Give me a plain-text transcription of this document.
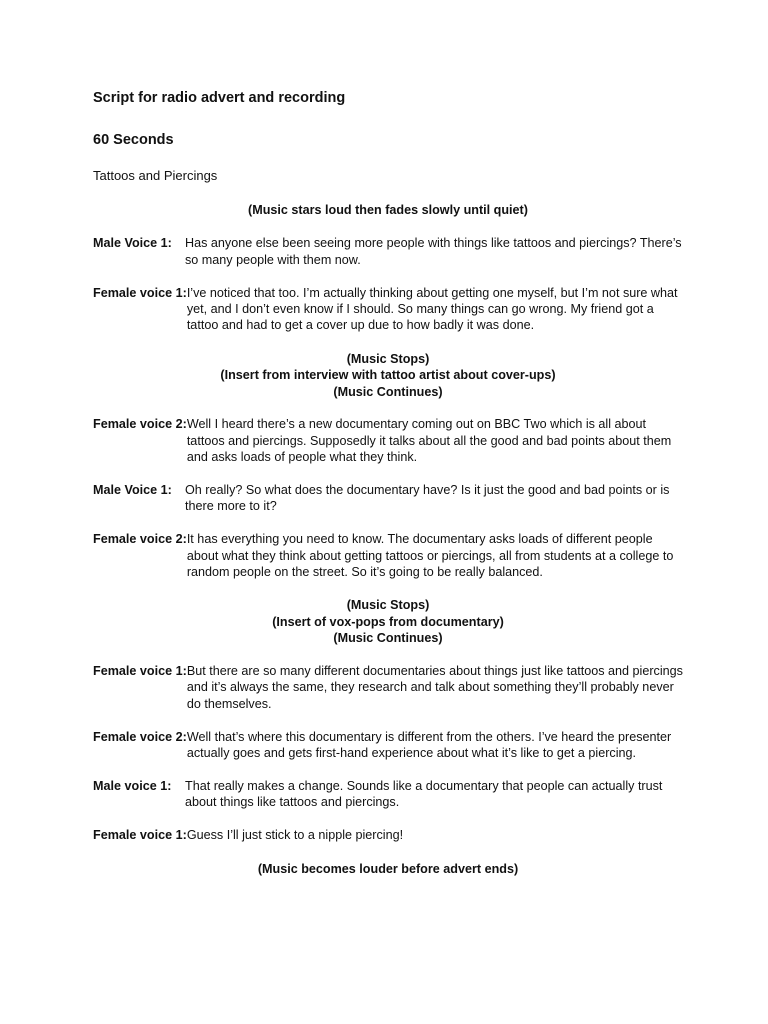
Script for radio advert and recording

60 Seconds

Tattoos and Piercings

(Music stars loud then fades slowly until quiet)

Male Voice 1:	Has anyone else been seeing more people with things like tattoos and piercings? There’s so many people with them now.
Female voice 1: I’ve noticed that too. I’m actually thinking about getting one myself, but I’m not sure what yet, and I don’t even know if I should. So many things can go wrong. My friend got a tattoo and had to get a cover up due to how badly it was done.

(Music Stops)

(Insert from interview with tattoo artist about cover-ups)

(Music Continues)

Female voice 2: Well I heard there’s a new documentary coming out on BBC Two which is all about tattoos and piercings. Supposedly it talks about all the good and bad points about them and asks loads of people what they think.
Male Voice 1:	Oh really? So what does the documentary have? Is it just the good and bad points or is there more to it?
Female voice 2: It has everything you need to know. The documentary asks loads of different people about what they think about getting tattoos or piercings, all from students at a college to random people on the street. So it’s going to be really balanced.

(Music Stops)

(Insert of vox-pops from documentary)

(Music Continues)

Female voice 1: But there are so many different documentaries about things just like tattoos and piercings and it’s always the same, they research and talk about something they’ll probably never do themselves.
Female voice 2: Well that’s where this documentary is different from the others. I’ve heard the presenter actually goes and gets first-hand experience about what it’s like to get a piercing.
Male voice 1:	That really makes a change. Sounds like a documentary that people can actually trust about things like tattoos and piercings.
Female voice 1: Guess I’ll just stick to a nipple piercing!

(Music becomes louder before advert ends)
